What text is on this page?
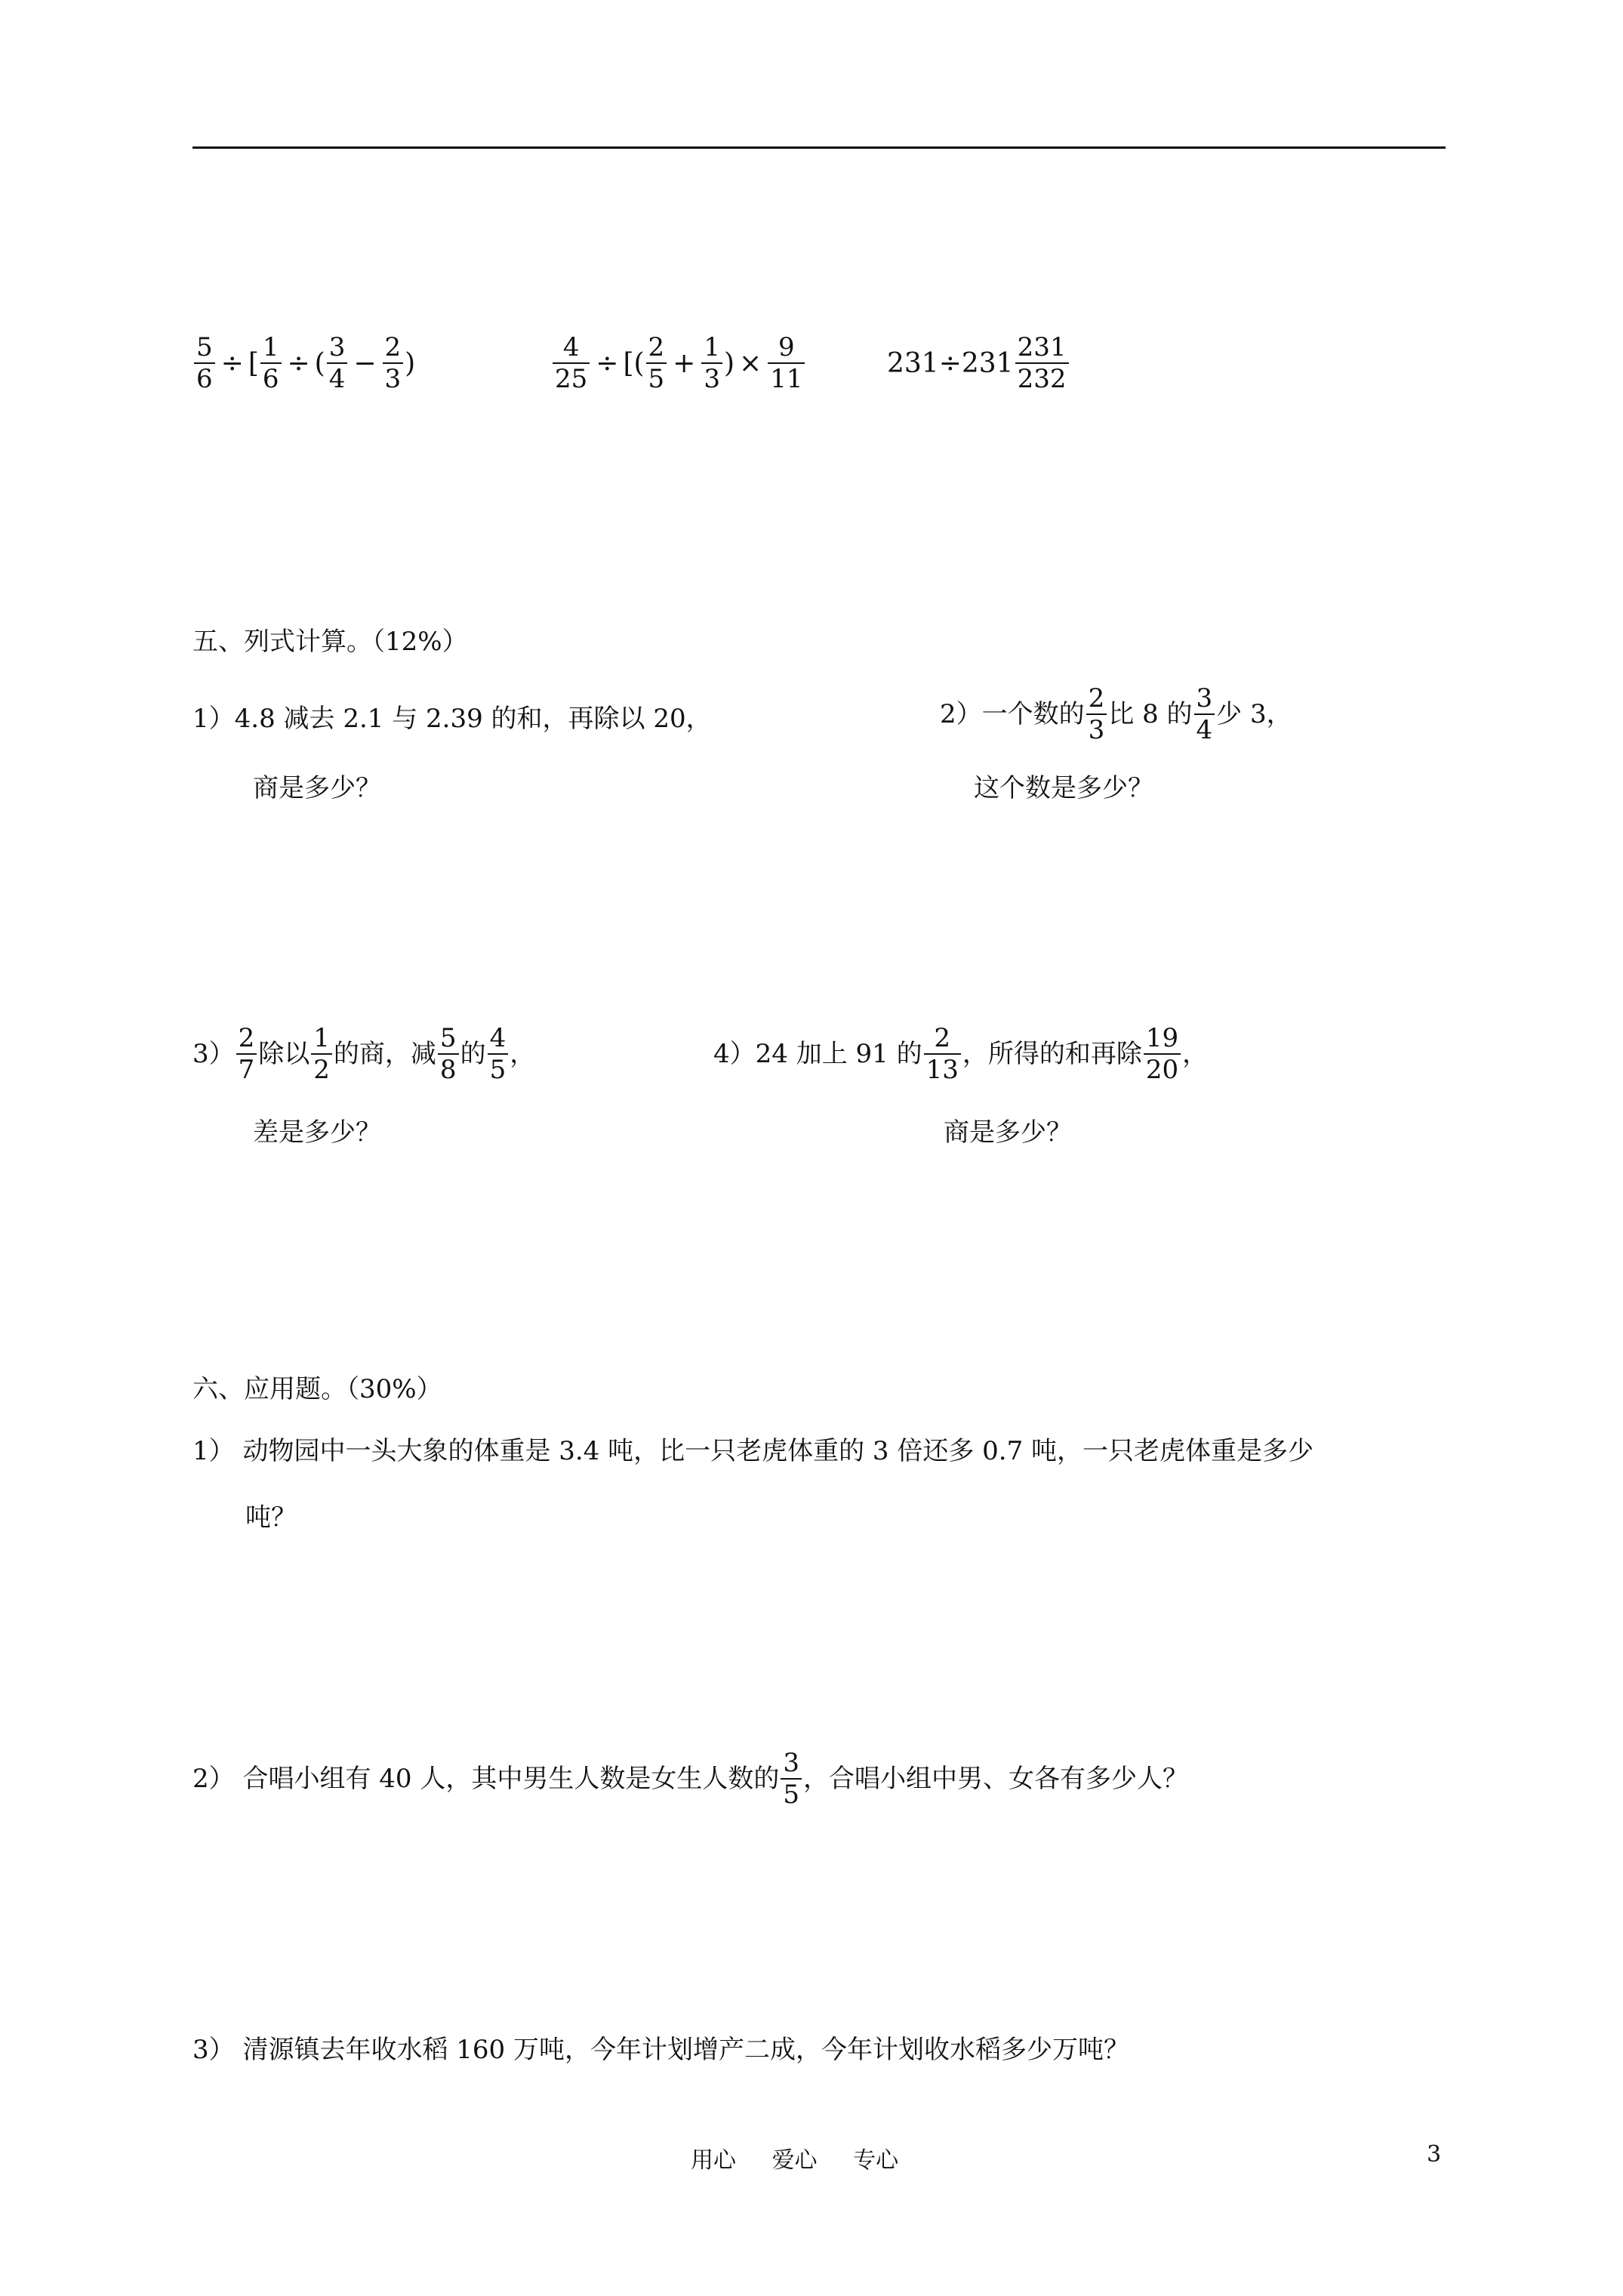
$\frac{5}{6}$ ÷ [ $\frac{1}{6}$ ÷ ( $\frac{3}{4} - \frac{2}{3}$ )	$\frac{4}{25}$ ÷ [ ( $\frac{2}{5} + \frac{1}{3}$ ) × $\frac{9}{11}$	$231\div 231 \frac{231}{232}$
五、列式计算。（12%）
1）4.8 减去 2.1 与 2.39 的和，再除以 20，
商是多少？
2）一个数的 $\frac{2}{3}$ 比 8 的 $\frac{3}{4}$ 少 3，
这个数是多少？
$3) \frac{2}{7}$ 除以 $\frac{1}{2}$ 的商，减 $\frac{5}{8}$ 的 $\frac{4}{5}$ ，
差是多少？
4）24 加上 91 的 $\frac{2}{13}$ ，所得的和再除 $\frac{19}{20}$ ，
商是多少？
六、应用题。（30%）
1） 动物园中一头大象的体重是 3.4 吨，比一只老虎体重的 3 倍还多 0.7 吨，一只老虎体重是多少
吨？
2） 合唱小组有 40 人，其中男生人数是女生人数的 $\frac{3}{5}$ ，合唱小组中男、女各有多少人？
3） 清源镇去年收水稻 160 万吨，今年计划增产二成，今年计划收水稻多少万吨？
用心 爱心 专心	3
